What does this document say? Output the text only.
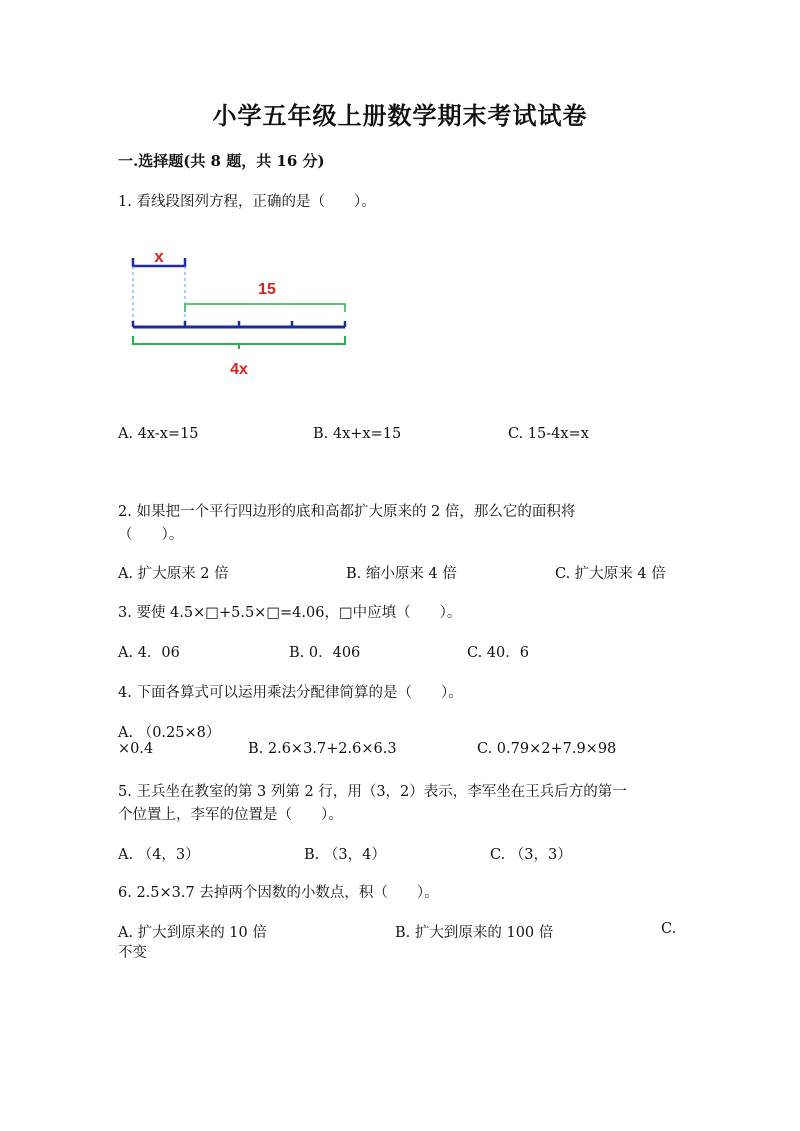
小学五年级上册数学期末考试试卷
一.选择题(共 8 题，共 16 分)
1. 看线段图列方程，正确的是（　　）。
x
15
4x
A. 4x-x=15	B. 4x+x=15	C. 15-4x=x
2. 如果把一个平行四边形的底和高都扩大原来的 2 倍，那么它的面积将
（　　）。
A. 扩大原来 2 倍	B. 缩小原来 4 倍	C. 扩大原来 4 倍
3. 要使 4.5×□+5.5×□=4.06，□中应填（　　）。
A. 4．06	B. 0．406	C. 40．6
4. 下面各算式可以运用乘法分配律简算的是（　　）。
A. （0.25×8）
×0.4	B. 2.6×3.7+2.6×6.3	C. 0.79×2+7.9×98
5. 王兵坐在教室的第 3 列第 2 行，用（3，2）表示，李军坐在王兵后方的第一
个位置上，李军的位置是（　　）。
A. （4，3）	B. （3，4）	C. （3，3）
6. 2.5×3.7 去掉两个因数的小数点，积（　　）。
A. 扩大到原来的 10 倍	B. 扩大到原来的 100 倍	C.
不变
